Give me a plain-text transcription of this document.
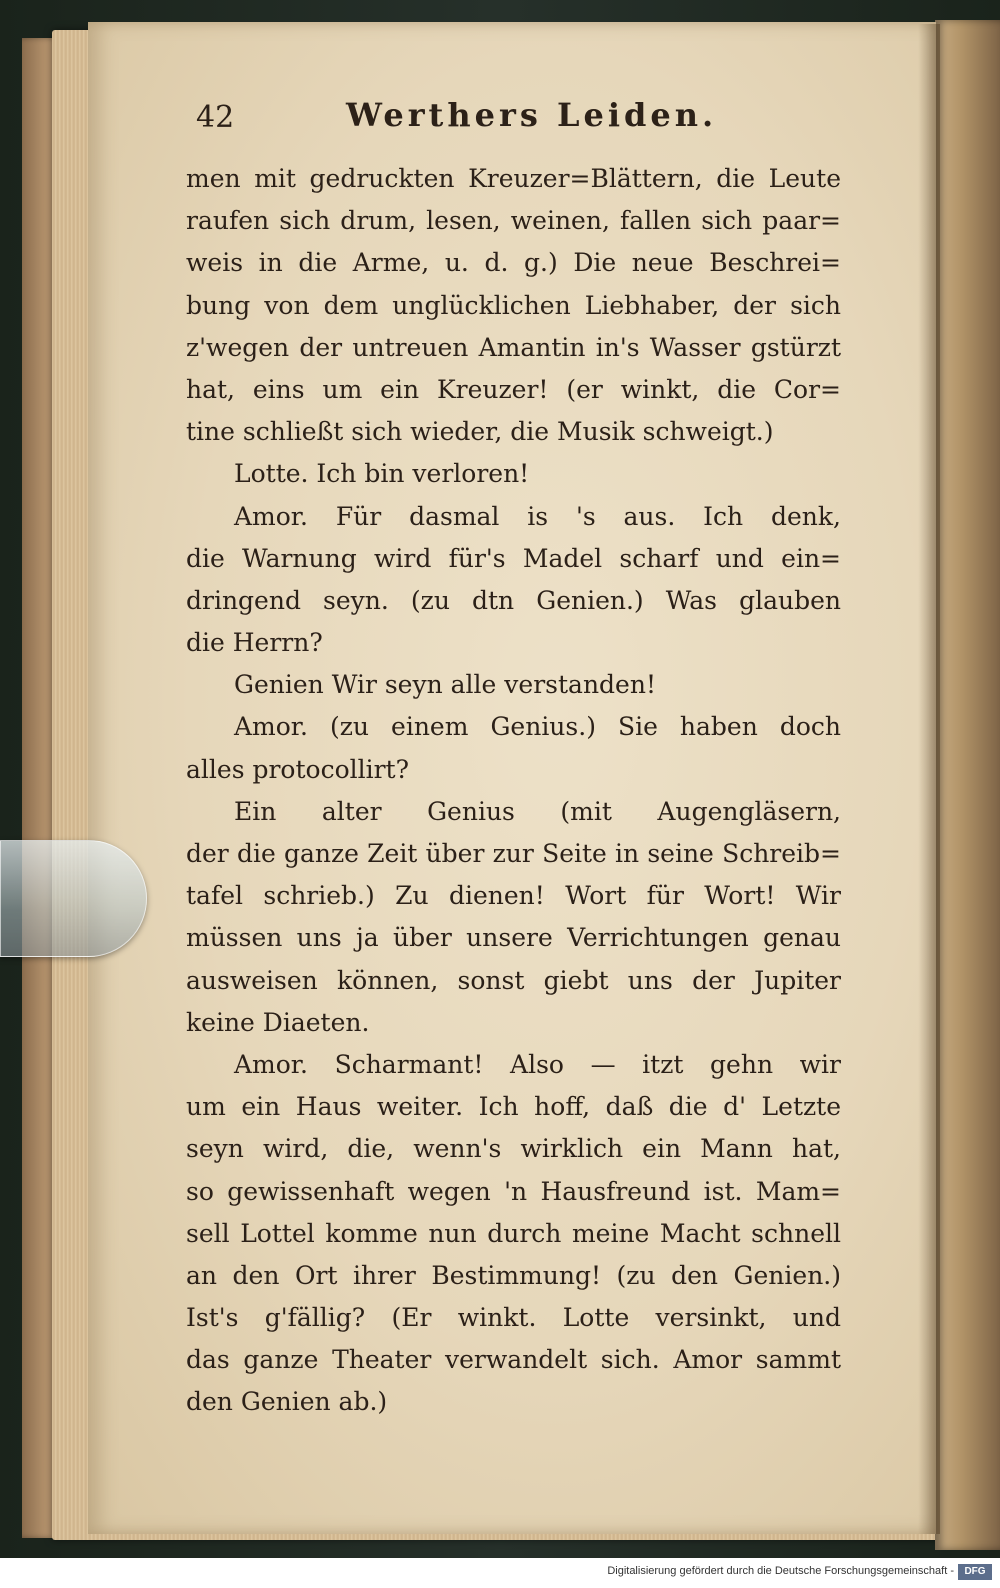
42	Werthers Leiden.
men mit gedruckten Kreuzer=Blättern, die Leute
raufen sich drum, lesen, weinen, fallen sich paar=
weis in die Arme, u. d. g.) Die neue Beschrei=
bung von dem unglücklichen Liebhaber, der sich
z'wegen der untreuen Amantin in's Wasser gstürzt
hat, eins um ein Kreuzer! (er winkt, die Cor=
tine schließt sich wieder, die Musik schweigt.)
Lotte. Ich bin verloren!
Amor. Für dasmal is 's aus. Ich denk,
die Warnung wird für's Madel scharf und ein=
dringend seyn. (zu dtn Genien.) Was glauben
die Herrn?
Genien Wir seyn alle verstanden!
Amor. (zu einem Genius.) Sie haben doch
alles protocollirt?
Ein alter Genius (mit Augengläsern,
der die ganze Zeit über zur Seite in seine Schreib=
tafel schrieb.) Zu dienen! Wort für Wort! Wir
müssen uns ja über unsere Verrichtungen genau
ausweisen können, sonst giebt uns der Jupiter
keine Diaeten.
Amor. Scharmant! Also — itzt gehn wir
um ein Haus weiter. Ich hoff, daß die d' Letzte
seyn wird, die, wenn's wirklich ein Mann hat,
so gewissenhaft wegen 'n Hausfreund ist. Mam=
sell Lottel komme nun durch meine Macht schnell
an den Ort ihrer Bestimmung! (zu den Genien.)
Ist's g'fällig? (Er winkt. Lotte versinkt, und
das ganze Theater verwandelt sich. Amor sammt
den Genien ab.)
Digitalisierung gefördert durch die Deutsche Forschungsgemeinschaft -	DFG
